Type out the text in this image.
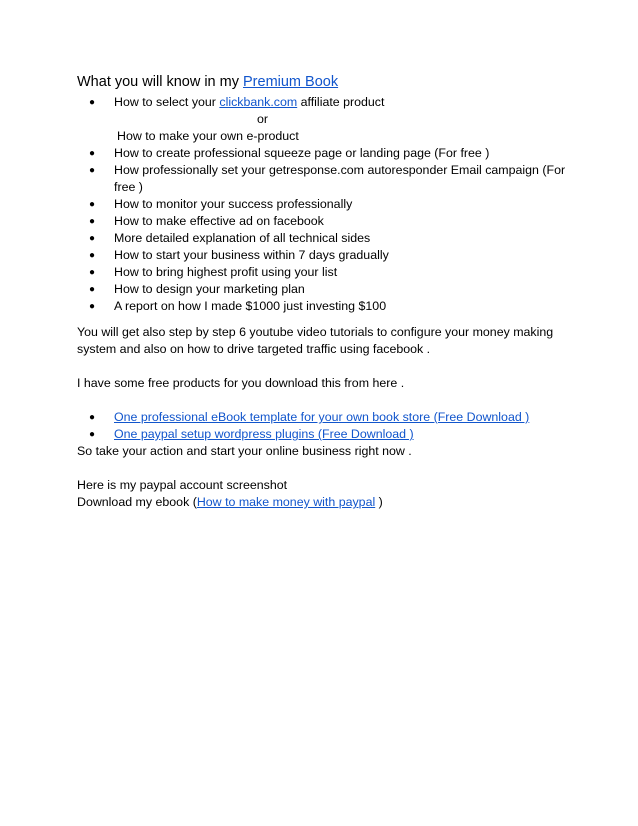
What you will know in my Premium Book
● How to select your clickbank.com affiliate product
or
How to make your own e-product
● How to create professional squeeze page or landing page (For free )
● How professionally set your getresponse.com autoresponder Email campaign (For free )
● How to monitor your success professionally
● How to make effective ad on facebook
● More detailed explanation of all technical sides
● How to start your business within 7 days gradually
● How to bring highest profit using your list
● How to design your marketing plan
● A report on how I made $1000 just investing $100

You will get also step by step 6 youtube video tutorials to configure your money making system and also on how to drive targeted traffic using facebook .

I have some free products for you download this from here .

● One professional eBook template for your own book store (Free Download )
● One paypal setup wordpress plugins (Free Download )

So take your action and start your online business right now .

Here is my paypal account screenshot

Download my ebook (How to make money with paypal )
